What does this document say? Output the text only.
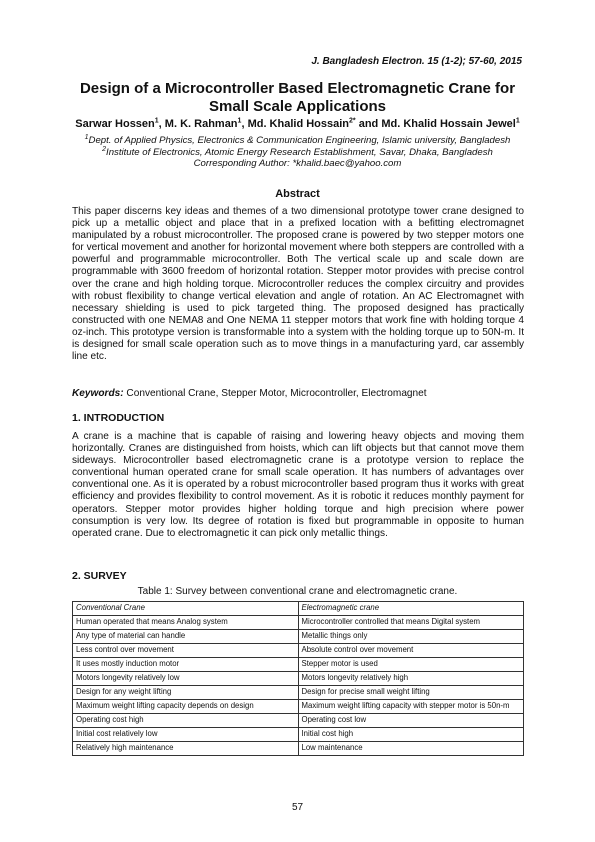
J. Bangladesh Electron. 15 (1-2); 57-60, 2015
Design of a Microcontroller Based Electromagnetic Crane for
Small Scale Applications
Sarwar Hossen$^1$, M. K. Rahman$^1$, Md. Khalid Hossain$^{2*}$ and Md. Khalid Hossain Jewel$^1$
$^1$Dept. of Applied Physics, Electronics & Communication Engineering, Islamic university, Bangladesh
$^2$Institute of Electronics, Atomic Energy Research Establishment, Savar, Dhaka, Bangladesh
Corresponding Author: *khalid.baec@yahoo.com
Abstract

This paper discerns key ideas and themes of a two dimensional prototype tower crane designed to pick up a metallic object and place that in a prefixed location with a befitting electromagnet manipulated by a robust microcontroller. The proposed crane is powered by two stepper motors one for vertical movement and another for horizontal movement where both steppers are controlled with a powerful and programmable microcontroller. Both The vertical scale up and scale down are programmable with 3600 freedom of horizontal rotation. Stepper motor provides with precise control over the crane and high holding torque. Microcontroller reduces the complex circuitry and provides with robust flexibility to change vertical elevation and angle of rotation. An AC Electromagnet with necessary shielding is used to pick targeted thing. The proposed designed has practically constructed with one NEMA8 and One NEMA 11 stepper motors that work fine with holding torque 4 oz-inch. This prototype version is transformable into a system with the holding torque up to 50N-m. It is designed for small scale operation such as to move things in a manufacturing yard, car assembly line etc.

Keywords: Conventional Crane, Stepper Motor, Microcontroller, Electromagnet
1. INTRODUCTION

A crane is a machine that is capable of raising and lowering heavy objects and moving them horizontally. Cranes are distinguished from hoists, which can lift objects but that cannot move them sideways. Microcontroller based electromagnetic crane is a prototype version to replace the conventional human operated crane for small scale operation. It has numbers of advantages over conventional one. As it is operated by a robust microcontroller based program thus it works with great efficiency and provides flexibility to control movement. As it is robotic it reduces monthly payment for operators. Stepper motor provides higher holding torque and high precision where power consumption is very low. Its degree of rotation is fixed but programmable in opposite to human operated crane. Due to electromagnetic it can pick only metallic things.

2. SURVEY
Table 1: Survey between conventional crane and electromagnetic crane.
Conventional Crane	Electromagnetic crane
Human operated that means Analog system	Microcontroller controlled that means Digital system
Any type of material can handle	Metallic things only
Less control over movement	Absolute control over movement
It uses mostly induction motor	Stepper motor is used
Motors longevity relatively low	Motors longevity relatively high
Design for any weight lifting	Design for precise small weight lifting
Maximum weight lifting capacity depends on design	Maximum weight lifting capacity with stepper motor is 50n-m
Operating cost high	Operating cost low
Initial cost relatively low	Initial cost high
Relatively high maintenance	Low maintenance
57
